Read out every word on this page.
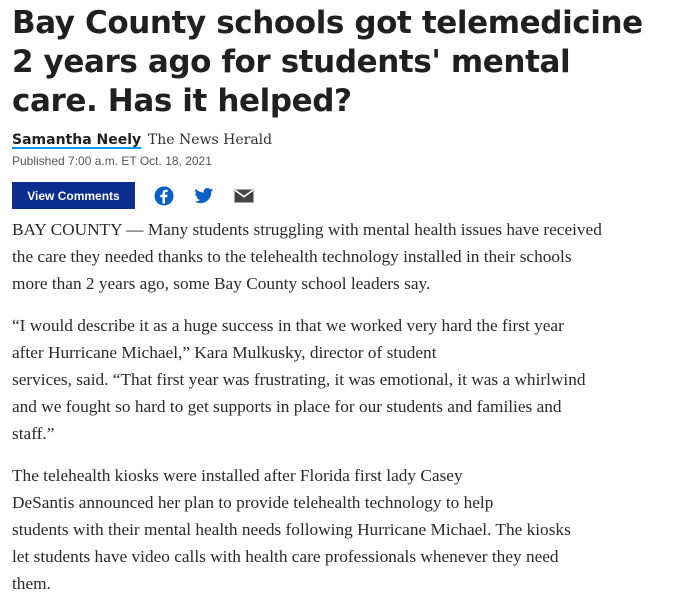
Bay County schools got telemedicine
2 years ago for students' mental
care. Has it helped?
Samantha Neely The News Herald
Published 7:00 a.m. ET Oct. 18, 2021
View Comments

BAY COUNTY — Many students struggling with mental health issues have received
the care they needed thanks to the telehealth technology installed in their schools
more than 2 years ago, some Bay County school leaders say.

“I would describe it as a huge success in that we worked very hard the first year
after Hurricane Michael,” Kara Mulkusky, director of student
services, said. “That first year was frustrating, it was emotional, it was a whirlwind
and we fought so hard to get supports in place for our students and families and
staff.”

The telehealth kiosks were installed after Florida first lady Casey
DeSantis announced her plan to provide telehealth technology to help
students with their mental health needs following Hurricane Michael. The kiosks
let students have video calls with health care professionals whenever they need
them.
